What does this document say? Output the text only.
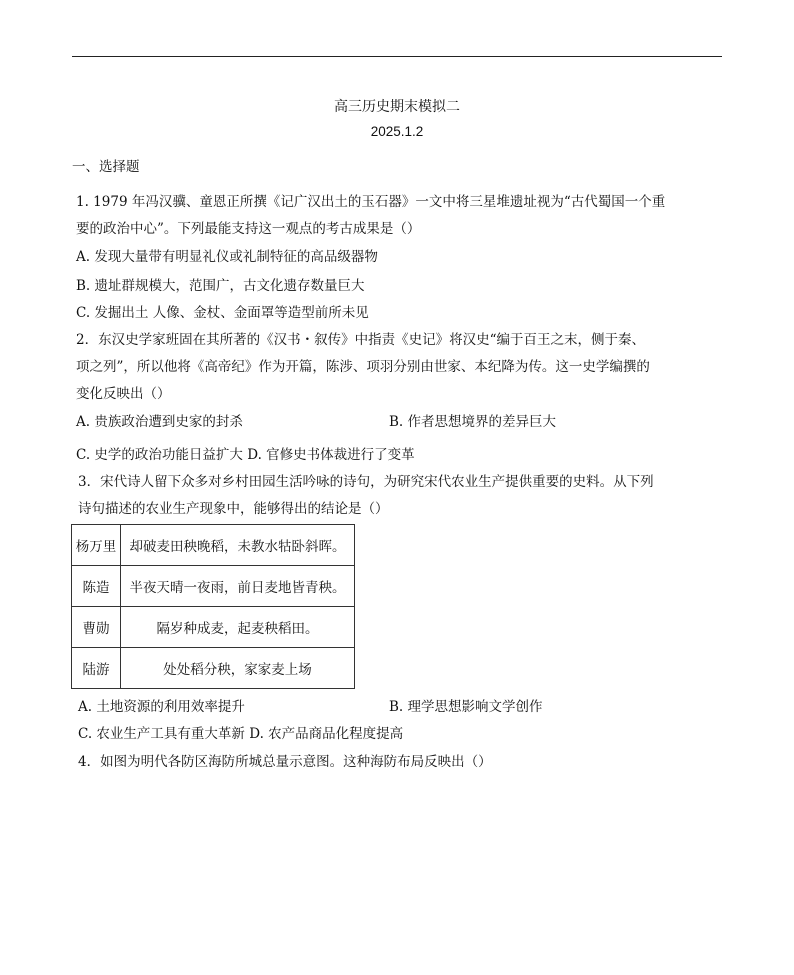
高三历史期末模拟二
2025.1.2
一、选择题
1. 1979 年冯汉骥、童恩正所撰《记广汉出土的玉石器》一文中将三星堆遗址视为“古代蜀国一个重
要的政治中心”。下列最能支持这一观点的考古成果是（）
A. 发现大量带有明显礼仪或礼制特征的高品级器物
B. 遗址群规模大，范围广，古文化遗存数量巨大
C. 发掘出土 人像、金杖、金面罩等造型前所未见
2．东汉史学家班固在其所著的《汉书・叙传》中指责《史记》将汉史“编于百王之末，侧于秦、
项之列”，所以他将《高帝纪》作为开篇，陈涉、项羽分别由世家、本纪降为传。这一史学编撰的
变化反映出（）
A. 贵族政治遭到史家的封杀	B. 作者思想境界的差异巨大
C. 史学的政治功能日益扩大 D. 官修史书体裁进行了变革
3．宋代诗人留下众多对乡村田园生活吟咏的诗句，为研究宋代农业生产提供重要的史料。从下列
诗句描述的农业生产现象中，能够得出的结论是（）
杨万里	却破麦田秧晚稻，未教水牯卧斜晖。
陈造	半夜天晴一夜雨，前日麦地皆青秧。
曹勋	隔岁种成麦，起麦秧稻田。
陆游	处处稻分秧，家家麦上场
A. 土地资源的利用效率提升	B. 理学思想影响文学创作
C. 农业生产工具有重大革新 D. 农产品商品化程度提高
4．如图为明代各防区海防所城总量示意图。这种海防布局反映出（）
